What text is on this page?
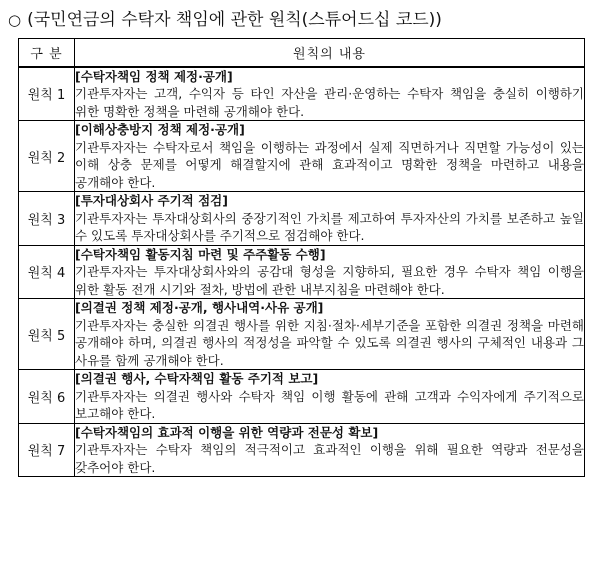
○ (국민연금의 수탁자 책임에 관한 원칙(스튜어드십 코드))
구 분	원칙의 내용
원칙 1	[수탁자책임 정책 제정·공개]
기관투자자는 고객, 수익자 등 타인 자산을 관리·운영하는 수탁자 책임을 충실히 이행하기 위한 명확한 정책을 마련해 공개해야 한다.

원칙 2	[이해상충방지 정책 제정·공개]
기관투자자는 수탁자로서 책임을 이행하는 과정에서 실제 직면하거나 직면할 가능성이 있는 이해 상충 문제를 어떻게 해결할지에 관해 효과적이고 명확한 정책을 마련하고 내용을 공개해야 한다.

원칙 3	[투자대상회사 주기적 점검]
기관투자자는 투자대상회사의 중장기적인 가치를 제고하여 투자자산의 가치를 보존하고 높일 수 있도록 투자대상회사를 주기적으로 점검해야 한다.

원칙 4	[수탁자책임 활동지침 마련 및 주주활동 수행]
기관투자자는 투자대상회사와의 공감대 형성을 지향하되, 필요한 경우 수탁자 책임 이행을 위한 활동 전개 시기와 절차, 방법에 관한 내부지침을 마련해야 한다.

원칙 5	[의결권 정책 제정·공개, 행사내역·사유 공개]
기관투자자는 충실한 의결권 행사를 위한 지침·절차·세부기준을 포함한 의결권 정책을 마련해 공개해야 하며, 의결권 행사의 적정성을 파악할 수 있도록 의결권 행사의 구체적인 내용과 그 사유를 함께 공개해야 한다.

원칙 6	[의결권 행사, 수탁자책임 활동 주기적 보고]
기관투자자는 의결권 행사와 수탁자 책임 이행 활동에 관해 고객과 수익자에게 주기적으로 보고해야 한다.

원칙 7	[수탁자책임의 효과적 이행을 위한 역량과 전문성 확보]
기관투자자는 수탁자 책임의 적극적이고 효과적인 이행을 위해 필요한 역량과 전문성을 갖추어야 한다.
